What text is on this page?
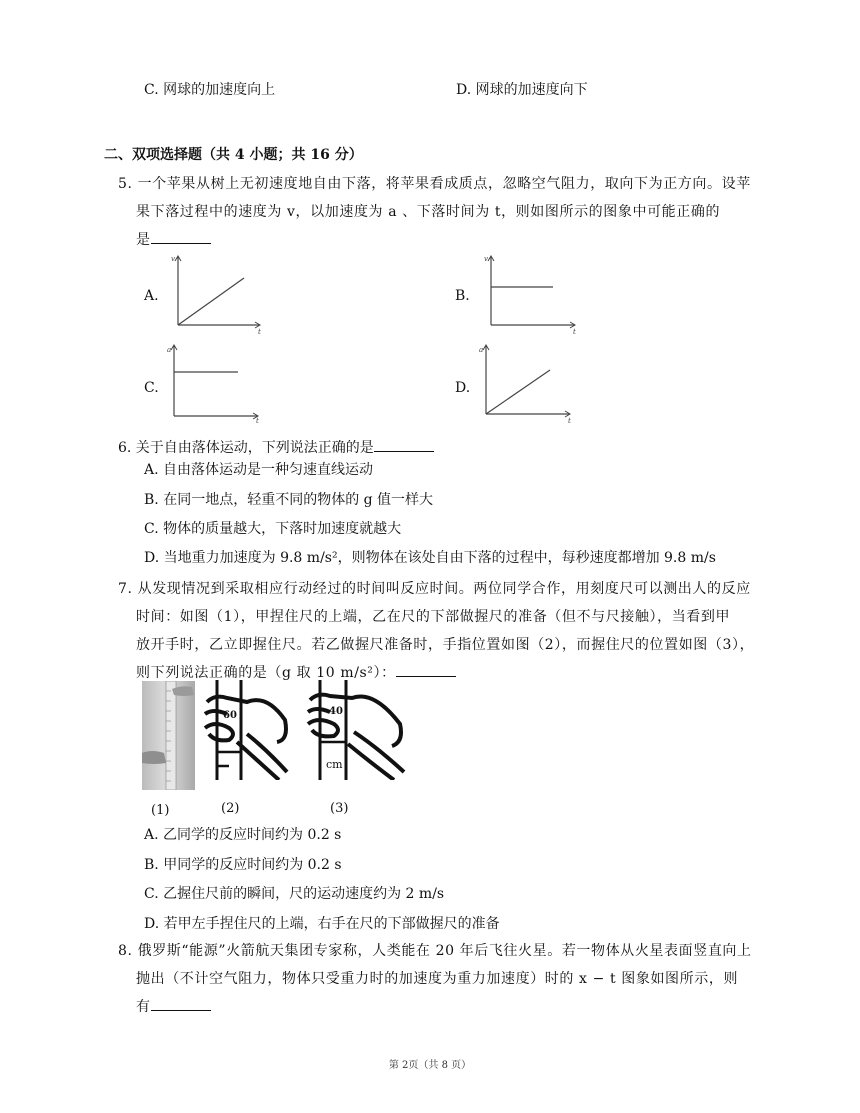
C. 网球的加速度向上	D. 网球的加速度向下
二、双项选择题（共 4 小题；共 16 分）
5. 一个苹果从树上无初速度地自由下落，将苹果看成质点，忽略空气阻力，取向下为正方向。设苹
果下落过程中的速度为 v，以加速度为 a 、下落时间为 t，则如图所示的图象中可能正确的
是
A.
v
t
B.
v
t
C.
a
t
D.
a
t
6. 关于自由落体运动，下列说法正确的是
A. 自由落体运动是一种匀速直线运动
B. 在同一地点，轻重不同的物体的 g 值一样大
C. 物体的质量越大，下落时加速度就越大
D. 当地重力加速度为 9.8 m/s²，则物体在该处自由下落的过程中，每秒速度都增加 9.8 m/s
7. 从发现情况到采取相应行动经过的时间叫反应时间。两位同学合作，用刻度尺可以测出人的反应
时间：如图（1），甲捏住尺的上端，乙在尺的下部做握尺的准备（但不与尺接触），当看到甲
放开手时，乙立即握住尺。若乙做握尺准备时，手指位置如图（2），而握住尺的位置如图（3），
则下列说法正确的是（g 取 10 m/s²）：
60	40
cm
(1)	(2)	(3)
A. 乙同学的反应时间约为 0.2 s
B. 甲同学的反应时间约为 0.2 s
C. 乙握住尺前的瞬间，尺的运动速度约为 2 m/s
D. 若甲左手捏住尺的上端，右手在尺的下部做握尺的准备
8. 俄罗斯“能源”火箭航天集团专家称，人类能在 20 年后飞往火星。若一物体从火星表面竖直向上
抛出（不计空气阻力，物体只受重力时的加速度为重力加速度）时的 x − t 图象如图所示，则
有
第 2页（共 8 页）
